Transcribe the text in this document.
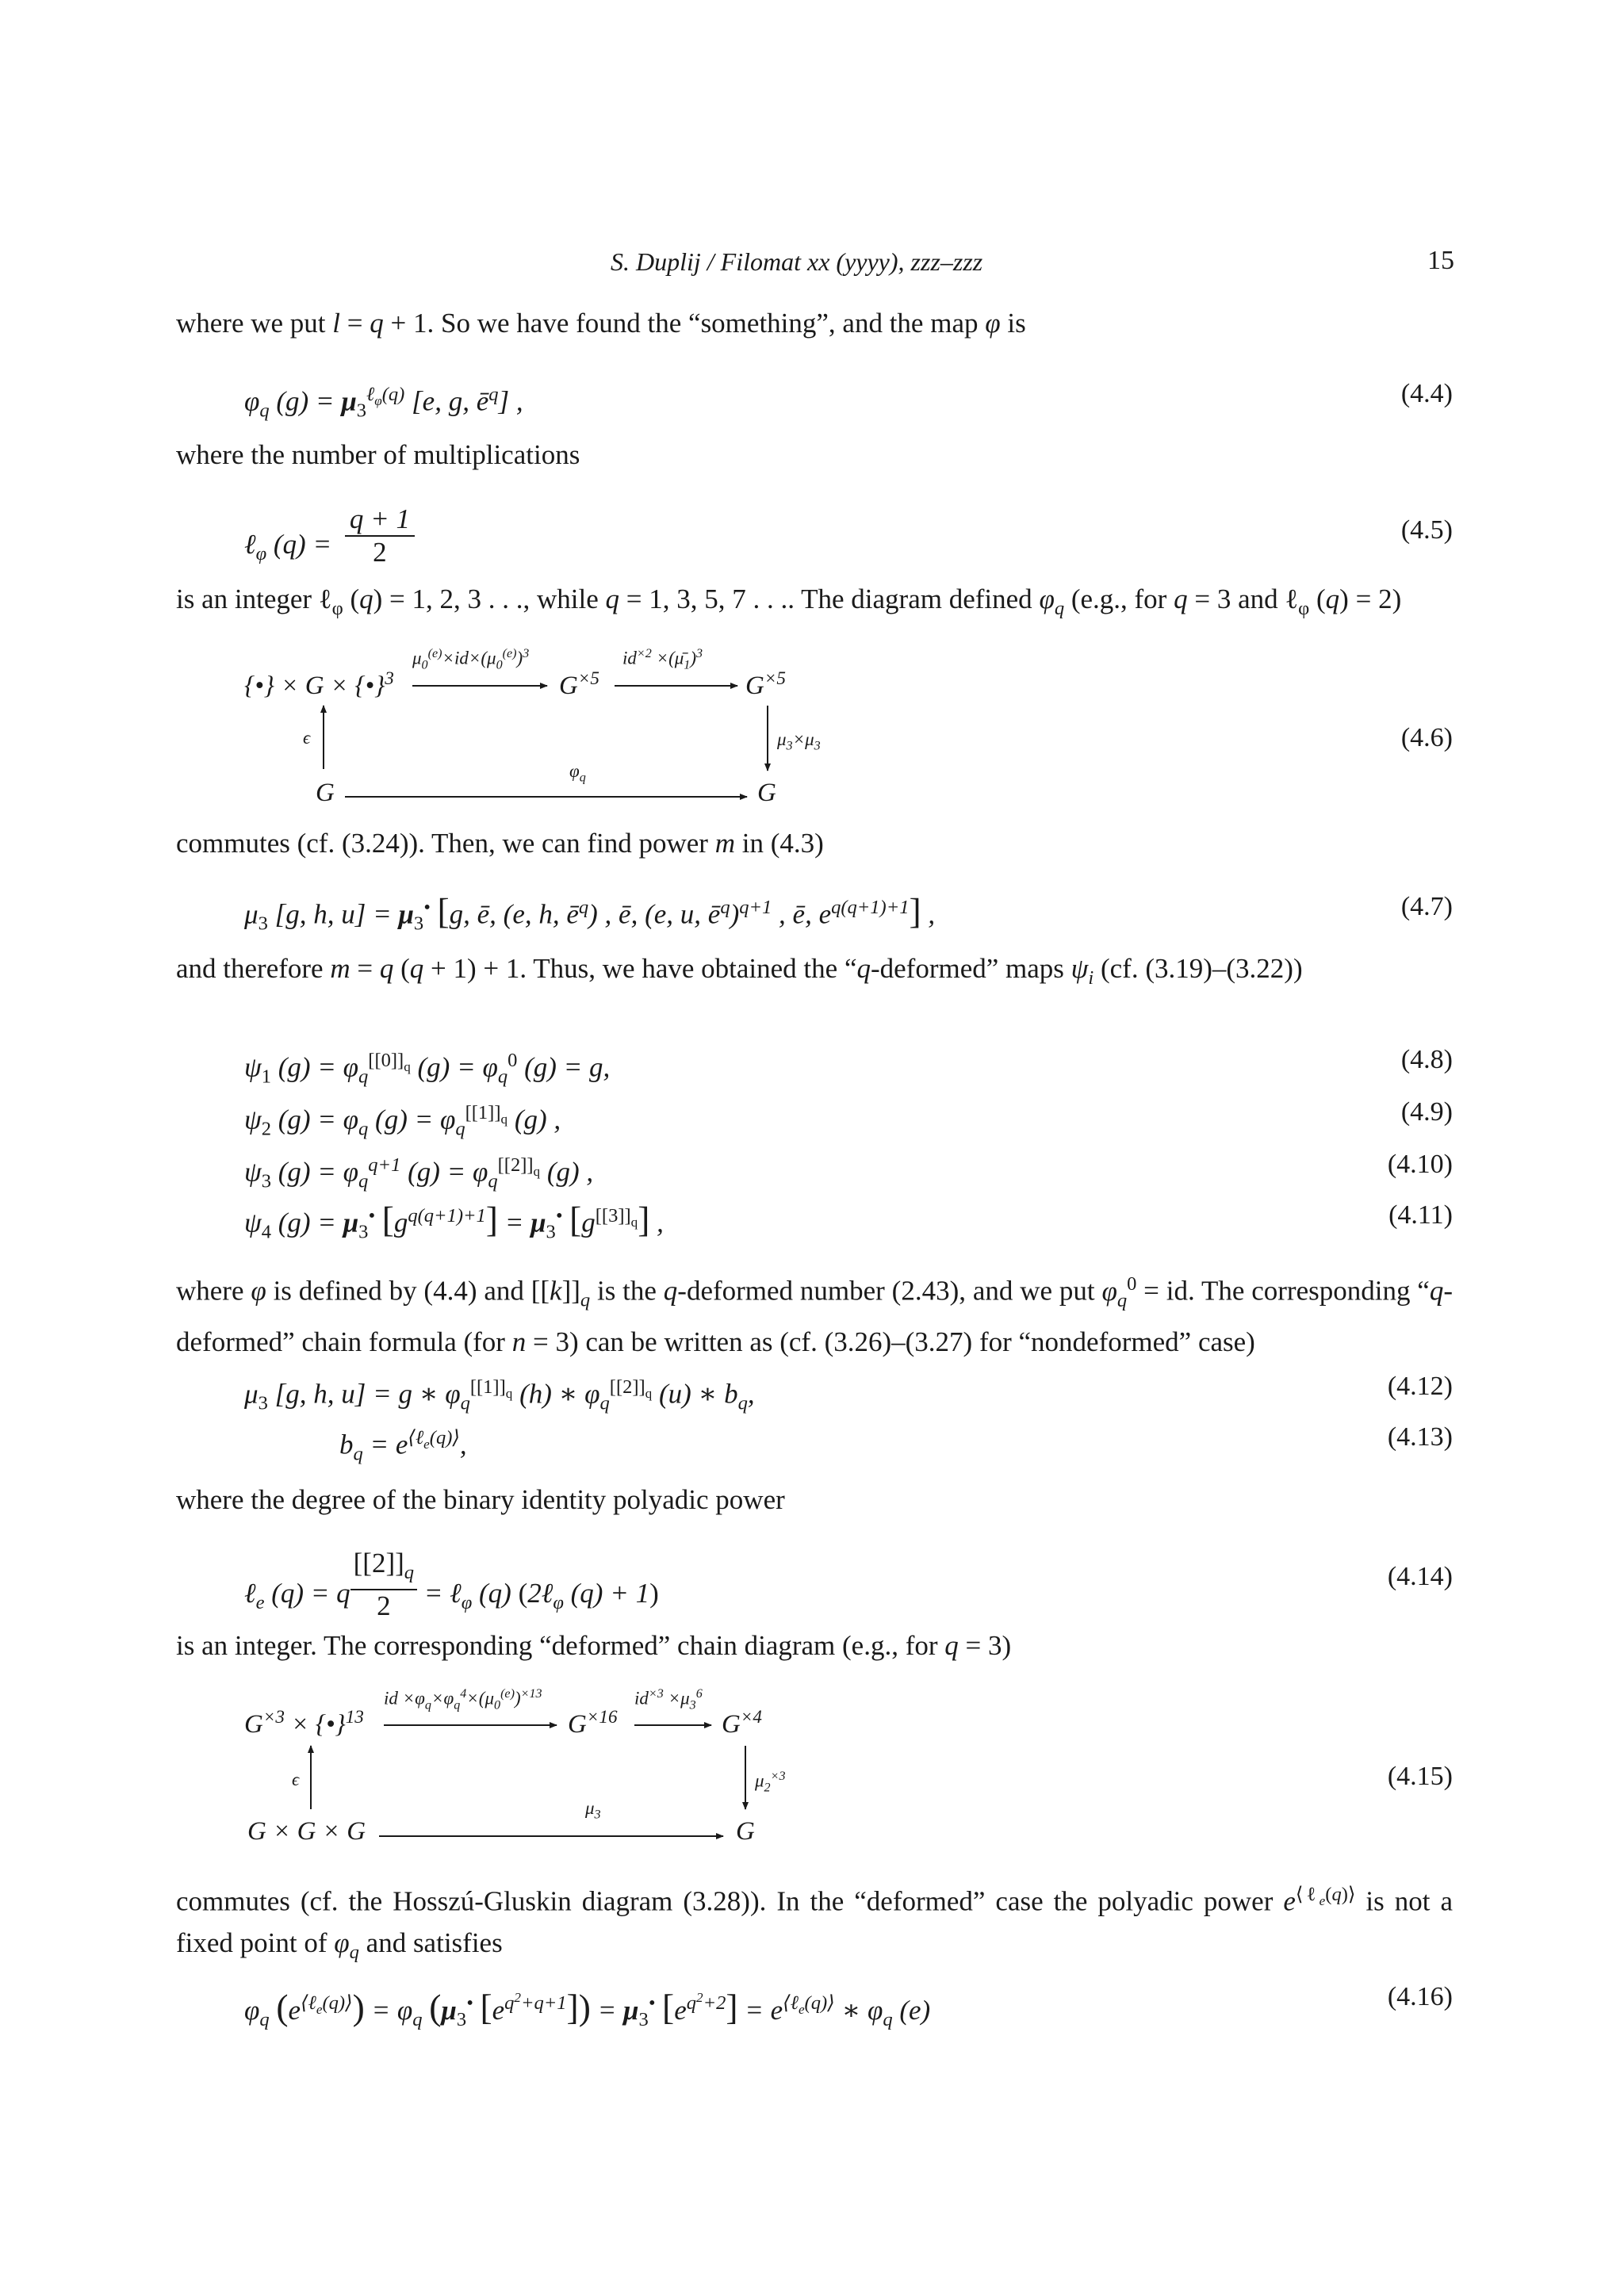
S. Duplij / Filomat xx (yyyy), zzz–zzz	15
where we put l = q + 1. So we have found the “something”, and the map φ is
$\varphi_q$ $(g) = \mu_3^{\ell_\varphi(q)}$ [e, g, $ē^q$] ,	(4.4)
where the number of multiplications
ℓ$_\varphi$ $(q) = \frac{q + 1}{2}$	(4.5)
is an integer ℓ$_\varphi$ (q) = 1, 2, 3 . . ., while q = 1, 3, 5, 7 . . .. The diagram defined $\varphi_q$ (e.g., for q = 3 and ℓ$_\varphi$ (q) = 2)
{•} × G × {•}$^3$
$\mu_0^{(e)}\times id\times(\mu_0^{(e)})^3$
$G^{\times 5}$
$id^{\times 2}$ $\times(\mū_1)^3$
$G^{\times 5}$
ϵ	$\mu_3\times\mu_3$
G
$\varphi_q$
G
(4.6)
commutes (cf. (3.24)). Then, we can find power m in (4.3)
$\mu_3$ [g, h, $u] = \mu_3^•$ [g, ē, (e, h, $ē^q$) , ē, (e, u, $ē^q)^{q+1}$ , ē, $e^{q(q+1)+1}$] ,	(4.7)
and therefore m = q (q + 1) + 1. Thus, we have obtained the “q-deformed” maps $\psi_i$ (cf. (3.19)–(3.22))
$\psi_1$ $(g) = \varphi_q^{[[0]]_q}$ $(g) = \varphi_q^0$ (g) = g,	(4.8)
$\psi_2$ $(g) = \varphi_q$ $(g) = \varphi_q^{[[1]]_q}$ (g) ,	(4.9)
$\psi_3$ $(g) = \varphi_q^{q+1}$ $(g) = \varphi_q^{[[2]]_q}$ (g) ,	(4.10)
$\psi_4$ $(g) = \mu_3^•$ $[g^{q(q+1)+1}] = \mu_3^•$ $[g^{[[3]]_q}]$ ,	(4.11)
where φ is defined by (4.4) and $[[k]]_q$ is the q-deformed number (2.43), and we put $\varphi_q^0$ = id. The corresponding “q-deformed” chain formula (for n = 3) can be written as (cf. (3.26)–(3.27) for “nondeformed” case)
$\mu_3$ [g, h, u] = g ∗ $\varphi_q^{[[1]]_q}$ (h) ∗ $\varphi_q^{[[2]]_q}$ (u) ∗ $b_q$,	(4.12)
$b_q = e^{⟨\ell_e(q)⟩}$,	(4.13)
where the degree of the binary identity polyadic power
ℓ$_e$ (q) = q $\frac{[[2]]_q}{2}$ = ℓ$_\varphi$ (q) (2ℓ$_\varphi$ (q) + 1)
(4.14)
is an integer. The corresponding “deformed” chain diagram (e.g., for q = 3)
$G^{\times 3}$ × {•}$^{13}$
id $\times\varphi_q\times\varphi_q^4\times(\mu_0^{(e)})^{\times 13}$
$G^{\times 16}$
$id^{\times 3} \times\mu_3^6$
$G^{\times 4}$
ϵ	$\mu_2^{\times 3}$
G × G × G
$\mu_3$
G
(4.15)
commutes (cf. the Hosszú-Gluskin diagram (3.28)). In the “deformed” case the polyadic power $e^{⟨\ell_e(q)⟩}$ is not a fixed point of $\varphi_q$ and satisfies
$\varphi_q$ $(e^{⟨\ell_e(q)⟩}) = \varphi_q$ ($\mu_3^•$ $[e^{q^2+q+1}]) = \mu_3^•$ $[e^{q^2+2}] = e^{⟨\ell_e(q)⟩}$ ∗ $\varphi_q$ (e)	(4.16)
